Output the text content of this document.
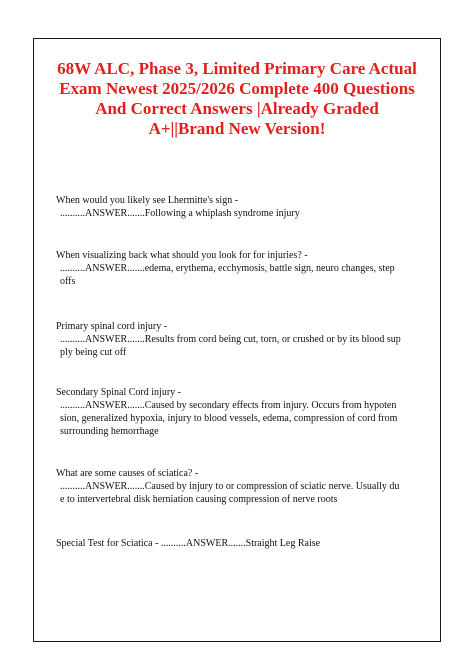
68W ALC, Phase 3, Limited Primary Care Actual
Exam Newest 2025/2026 Complete 400 Questions
And Correct Answers |Already Graded
A+||Brand New Version!
When would you likely see Lhermitte's sign -
..........ANSWER.......Following a whiplash syndrome injury
When visualizing back what should you look for for injuries? -
..........ANSWER.......edema, erythema, ecchymosis, battle sign, neuro changes, step
offs
Primary spinal cord injury -
..........ANSWER.......Results from cord being cut, torn, or crushed or by its blood sup
ply being cut off
Secondary Spinal Cord injury -
..........ANSWER.......Caused by secondary effects from injury. Occurs from hypoten
sion, generalized hypoxia, injury to blood vessels, edema, compression of cord from
surrounding hemorrhage
What are some causes of sciatica? -
..........ANSWER.......Caused by injury to or compression of sciatic nerve. Usually du
e to intervertebral disk herniation causing compression of nerve roots
Special Test for Sciatica - ..........ANSWER.......Straight Leg Raise
